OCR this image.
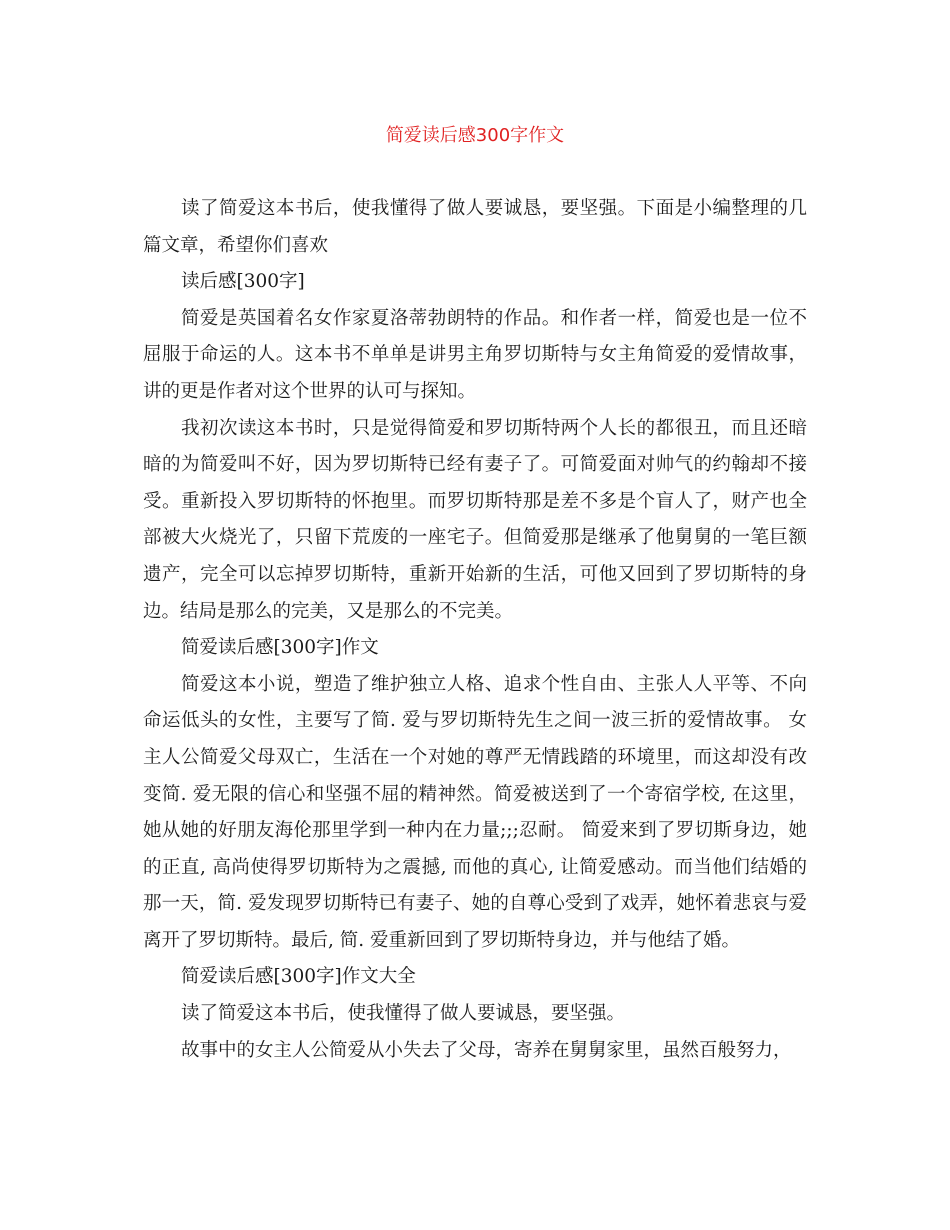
简爱读后感300字作文

读了简爱这本书后，使我懂得了做人要诚恳，要坚强。下面是小编整理的几篇文章，希望你们喜欢

读后感[300字]

简爱是英国着名女作家夏洛蒂勃朗特的作品。和作者一样，简爱也是一位不屈服于命运的人。这本书不单单是讲男主角罗切斯特与女主角简爱的爱情故事，讲的更是作者对这个世界的认可与探知。

我初次读这本书时，只是觉得简爱和罗切斯特两个人长的都很丑，而且还暗暗的为简爱叫不好，因为罗切斯特已经有妻子了。可简爱面对帅气的约翰却不接受。重新投入罗切斯特的怀抱里。而罗切斯特那是差不多是个盲人了，财产也全部被大火烧光了，只留下荒废的一座宅子。但简爱那是继承了他舅舅的一笔巨额遗产，完全可以忘掉罗切斯特，重新开始新的生活，可他又回到了罗切斯特的身边。结局是那么的完美，又是那么的不完美。

简爱读后感[300字]作文

简爱这本小说，塑造了维护独立人格、追求个性自由、主张人人平等、不向命运低头的女性，主要写了简. 爱与罗切斯特先生之间一波三折的爱情故事。 女主人公简爱父母双亡，生活在一个对她的尊严无情践踏的环境里，而这却没有改变简. 爱无限的信心和坚强不屈的精神然。简爱被送到了一个寄宿学校, 在这里，她从她的好朋友海伦那里学到一种内在力量;;;忍耐。 简爱来到了罗切斯身边，她的正直, 高尚使得罗切斯特为之震撼, 而他的真心, 让简爱感动。而当他们结婚的那一天，简. 爱发现罗切斯特已有妻子、她的自尊心受到了戏弄，她怀着悲哀与爱离开了罗切斯特。最后, 简. 爱重新回到了罗切斯特身边，并与他结了婚。

简爱读后感[300字]作文大全

读了简爱这本书后，使我懂得了做人要诚恳，要坚强。

故事中的女主人公简爱从小失去了父母，寄养在舅舅家里，虽然百般努力，
